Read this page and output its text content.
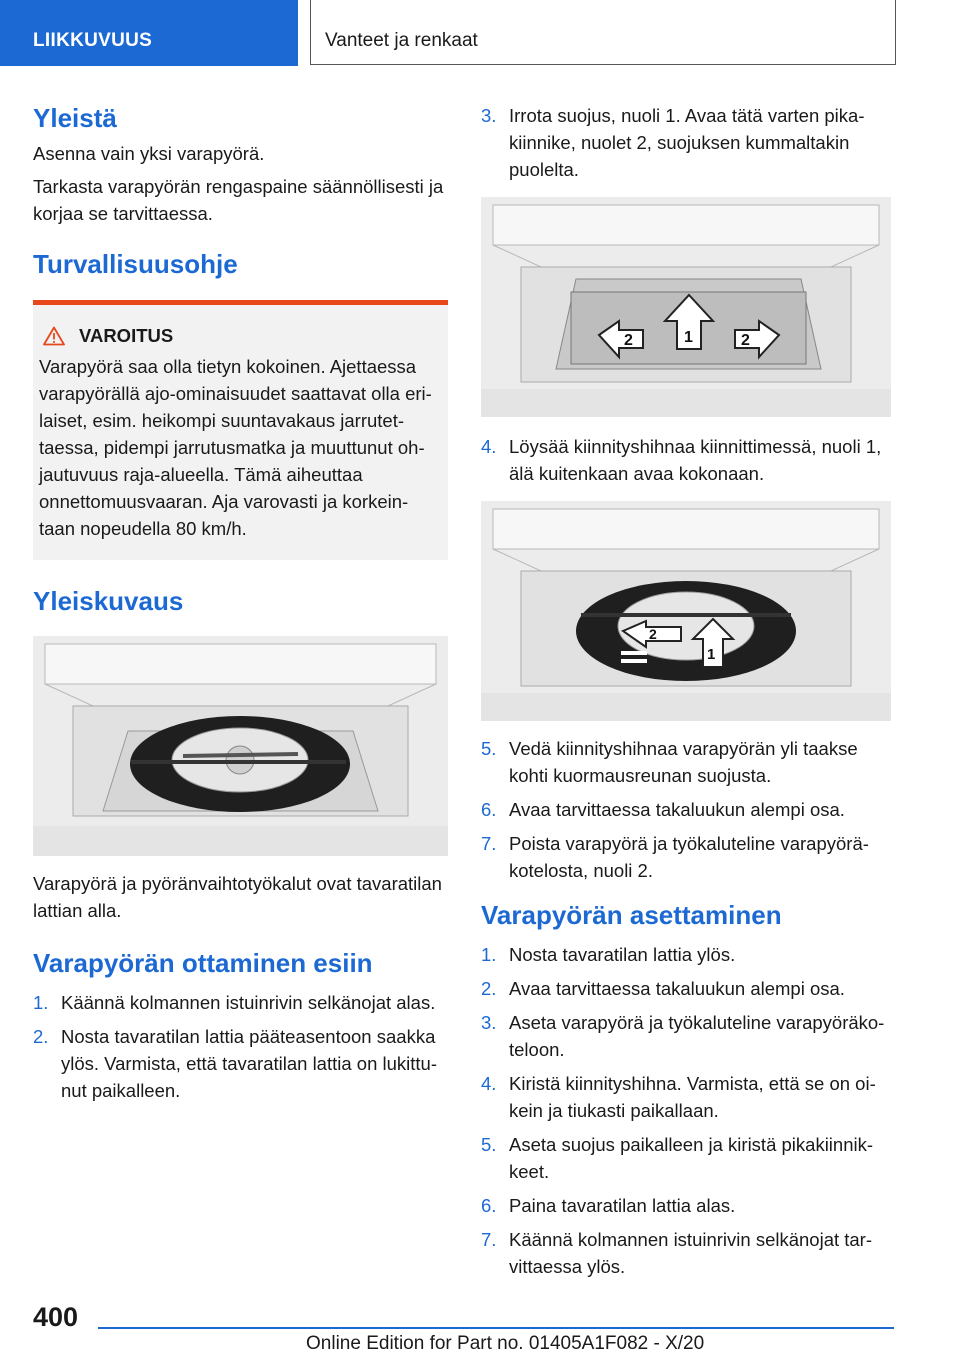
LIIKKUVUUS	Vanteet ja renkaat
Yleistä

Asenna vain yksi varapyörä.

Tarkasta varapyörän rengaspaine säännöllisesti ja korjaa se tarvittaessa.

Turvallisuusohje
VAROITUS

Varapyörä saa olla tietyn kokoinen. Ajettaessa varapyörällä ajo-ominaisuudet saattavat olla eri-laiset, esim. heikompi suuntavakaus jarrutet-taessa, pidempi jarrutusmatka ja muuttunut oh-jautuvuus raja-alueella. Tämä aiheuttaa onnettomuusvaaran. Aja varovasti ja korkein-taan nopeudella 80 km/h.

Yleiskuvaus

Varapyörä ja pyöränvaihtotyökalut ovat tavaratilan lattian alla.

Varapyörän ottaminen esiin
1. Käännä kolmannen istuinrivin selkänojat alas.
2. Nosta tavaratilan lattia pääteasentoon saakka ylös. Varmista, että tavaratilan lattia on lukittu-nut paikalleen.
3. Irrota suojus, nuoli 1. Avaa tätä varten pika-kiinnike, nuolet 2, suojuksen kummaltakin puolelta.
2	1	2
4. Löysää kiinnityshihnaa kiinnittimessä, nuoli 1, älä kuitenkaan avaa kokonaan.
2
1
5. Vedä kiinnityshihnaa varapyörän yli taakse kohti kuormausreunan suojusta.
6. Avaa tarvittaessa takaluukun alempi osa.
7. Poista varapyörä ja työkaluteline varapyörä-kotelosta, nuoli 2.
Varapyörän asettaminen
1. Nosta tavaratilan lattia ylös.
2. Avaa tarvittaessa takaluukun alempi osa.
3. Aseta varapyörä ja työkaluteline varapyöräko-teloon.
4. Kiristä kiinnityshihna. Varmista, että se on oi-kein ja tiukasti paikallaan.
5. Aseta suojus paikalleen ja kiristä pikakiinnik-keet.
6. Paina tavaratilan lattia alas.
7. Käännä kolmannen istuinrivin selkänojat tar-vittaessa ylös.
400
Online Edition for Part no. 01405A1F082 - X/20
